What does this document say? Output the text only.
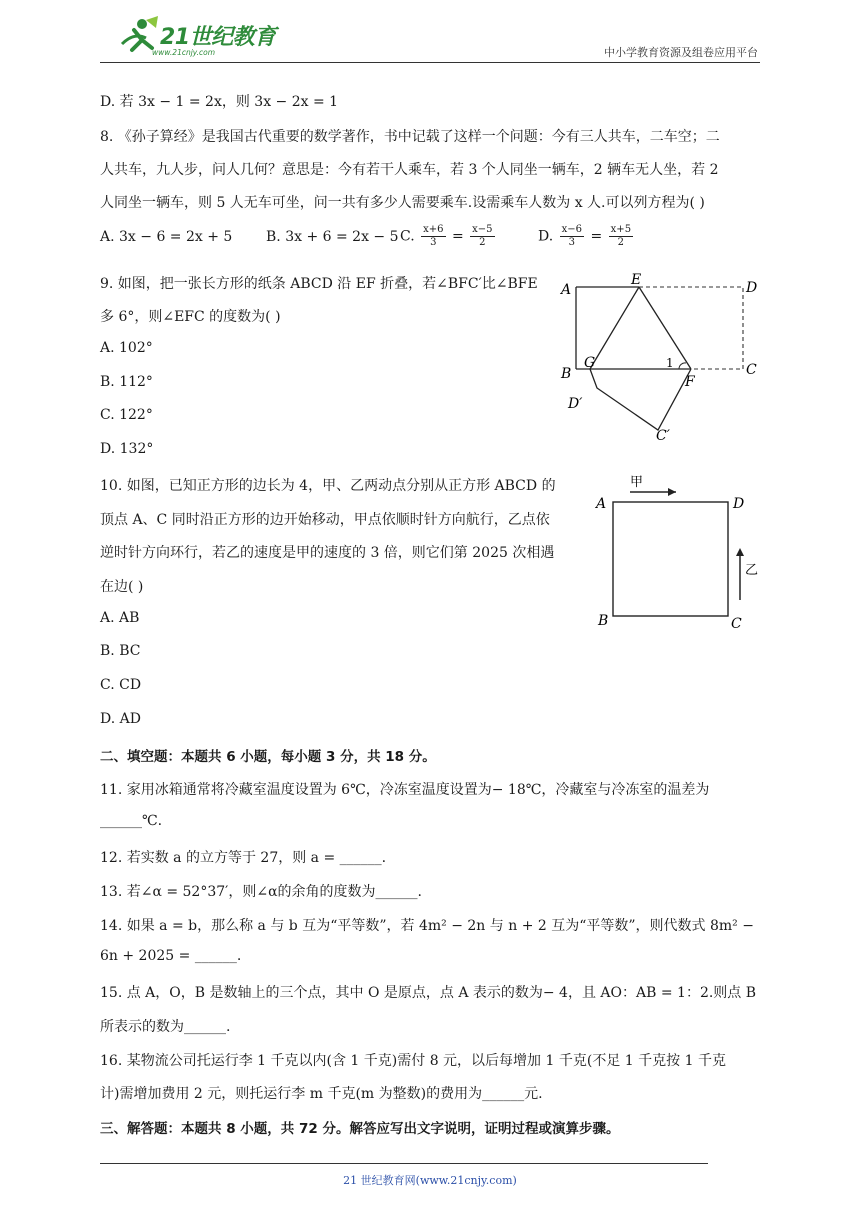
21世纪教育
www.21cnjy.com	中小学教育资源及组卷应用平台
D. 若 3x − 1 = 2x，则 3x − 2x = 1
8. 《孙子算经》是我国古代重要的数学著作，书中记载了这样一个问题：今有三人共车，二车空；二
人共车，九人步，问人几何？意思是：今有若干人乘车，若 3 个人同坐一辆车，2 辆车无人坐，若 2
人同坐一辆车，则 5 人无车可坐，问一共有多少人需要乘车.设需乘车人数为 x 人.可以列方程为( )
A. 3x − 6 = 2x + 5 B. 3x + 6 = 2x − 5 C. $\frac{x+6}{3} = \frac{x-5}{2}$	D. $\frac{x-6}{3} = \frac{x+5}{2}$
9. 如图，把一张长方形的纸条 ABCD 沿 EF 折叠，若∠BFC′比∠BFE
多 6°，则∠EFC 的度数为( )
A. 102°
B. 112°
C. 122°
D. 132°
A
E	D
B
G	1
F
C
D′
C′
10. 如图，已知正方形的边长为 4，甲、乙两动点分别从正方形 ABCD 的
顶点 A、C 同时沿正方形的边开始移动，甲点依顺时针方向航行，乙点依
逆时针方向环行，若乙的速度是甲的速度的 3 倍，则它们第 2025 次相遇
在边( )
A. AB
B. BC
C. CD
D. AD
甲
乙
A	D
B	C
二、填空题：本题共 6 小题，每小题 3 分，共 18 分。
11. 家用冰箱通常将冷藏室温度设置为 6℃，冷冻室温度设置为− 18℃，冷藏室与冷冻室的温差为
______℃.
12. 若实数 a 的立方等于 27，则 a = ______.
13. 若∠α = 52°37′，则∠α的余角的度数为______.
14. 如果 a = b，那么称 a 与 b 互为“平等数”，若 4m² − 2n 与 n + 2 互为“平等数”，则代数式 8m² −
6n + 2025 = ______.
15. 点 A，O，B 是数轴上的三个点，其中 O 是原点，点 A 表示的数为− 4，且 AO：AB = 1：2.则点 B
所表示的数为______.
16. 某物流公司托运行李 1 千克以内(含 1 千克)需付 8 元，以后每增加 1 千克(不足 1 千克按 1 千克
计)需增加费用 2 元，则托运行李 m 千克(m 为整数)的费用为______元.
三、解答题：本题共 8 小题，共 72 分。解答应写出文字说明，证明过程或演算步骤。
21 世纪教育网(www.21cnjy.com)
